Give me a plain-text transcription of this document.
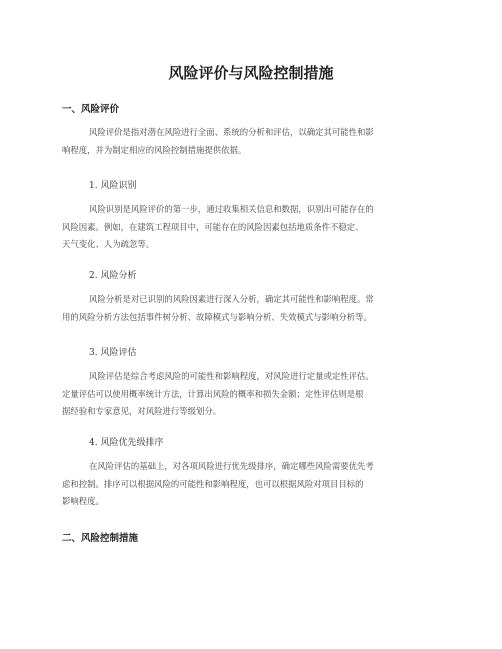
风险评价与风险控制措施
一、风险评价
风险评价是指对潜在风险进行全面、系统的分析和评估，以确定其可能性和影
响程度，并为制定相应的风险控制措施提供依据。
1. 风险识别
风险识别是风险评价的第一步，通过收集相关信息和数据，识别出可能存在的
风险因素。例如，在建筑工程项目中，可能存在的风险因素包括地质条件不稳定、
天气变化、人为疏忽等。
2. 风险分析
风险分析是对已识别的风险因素进行深入分析，确定其可能性和影响程度。常
用的风险分析方法包括事件树分析、故障模式与影响分析、失效模式与影响分析等。
3. 风险评估
风险评估是综合考虑风险的可能性和影响程度，对风险进行定量或定性评估。
定量评估可以使用概率统计方法，计算出风险的概率和损失金额；定性评估则是根
据经验和专家意见，对风险进行等级划分。
4. 风险优先级排序
在风险评估的基础上，对各项风险进行优先级排序，确定哪些风险需要优先考
虑和控制。排序可以根据风险的可能性和影响程度，也可以根据风险对项目目标的
影响程度。
二、风险控制措施
